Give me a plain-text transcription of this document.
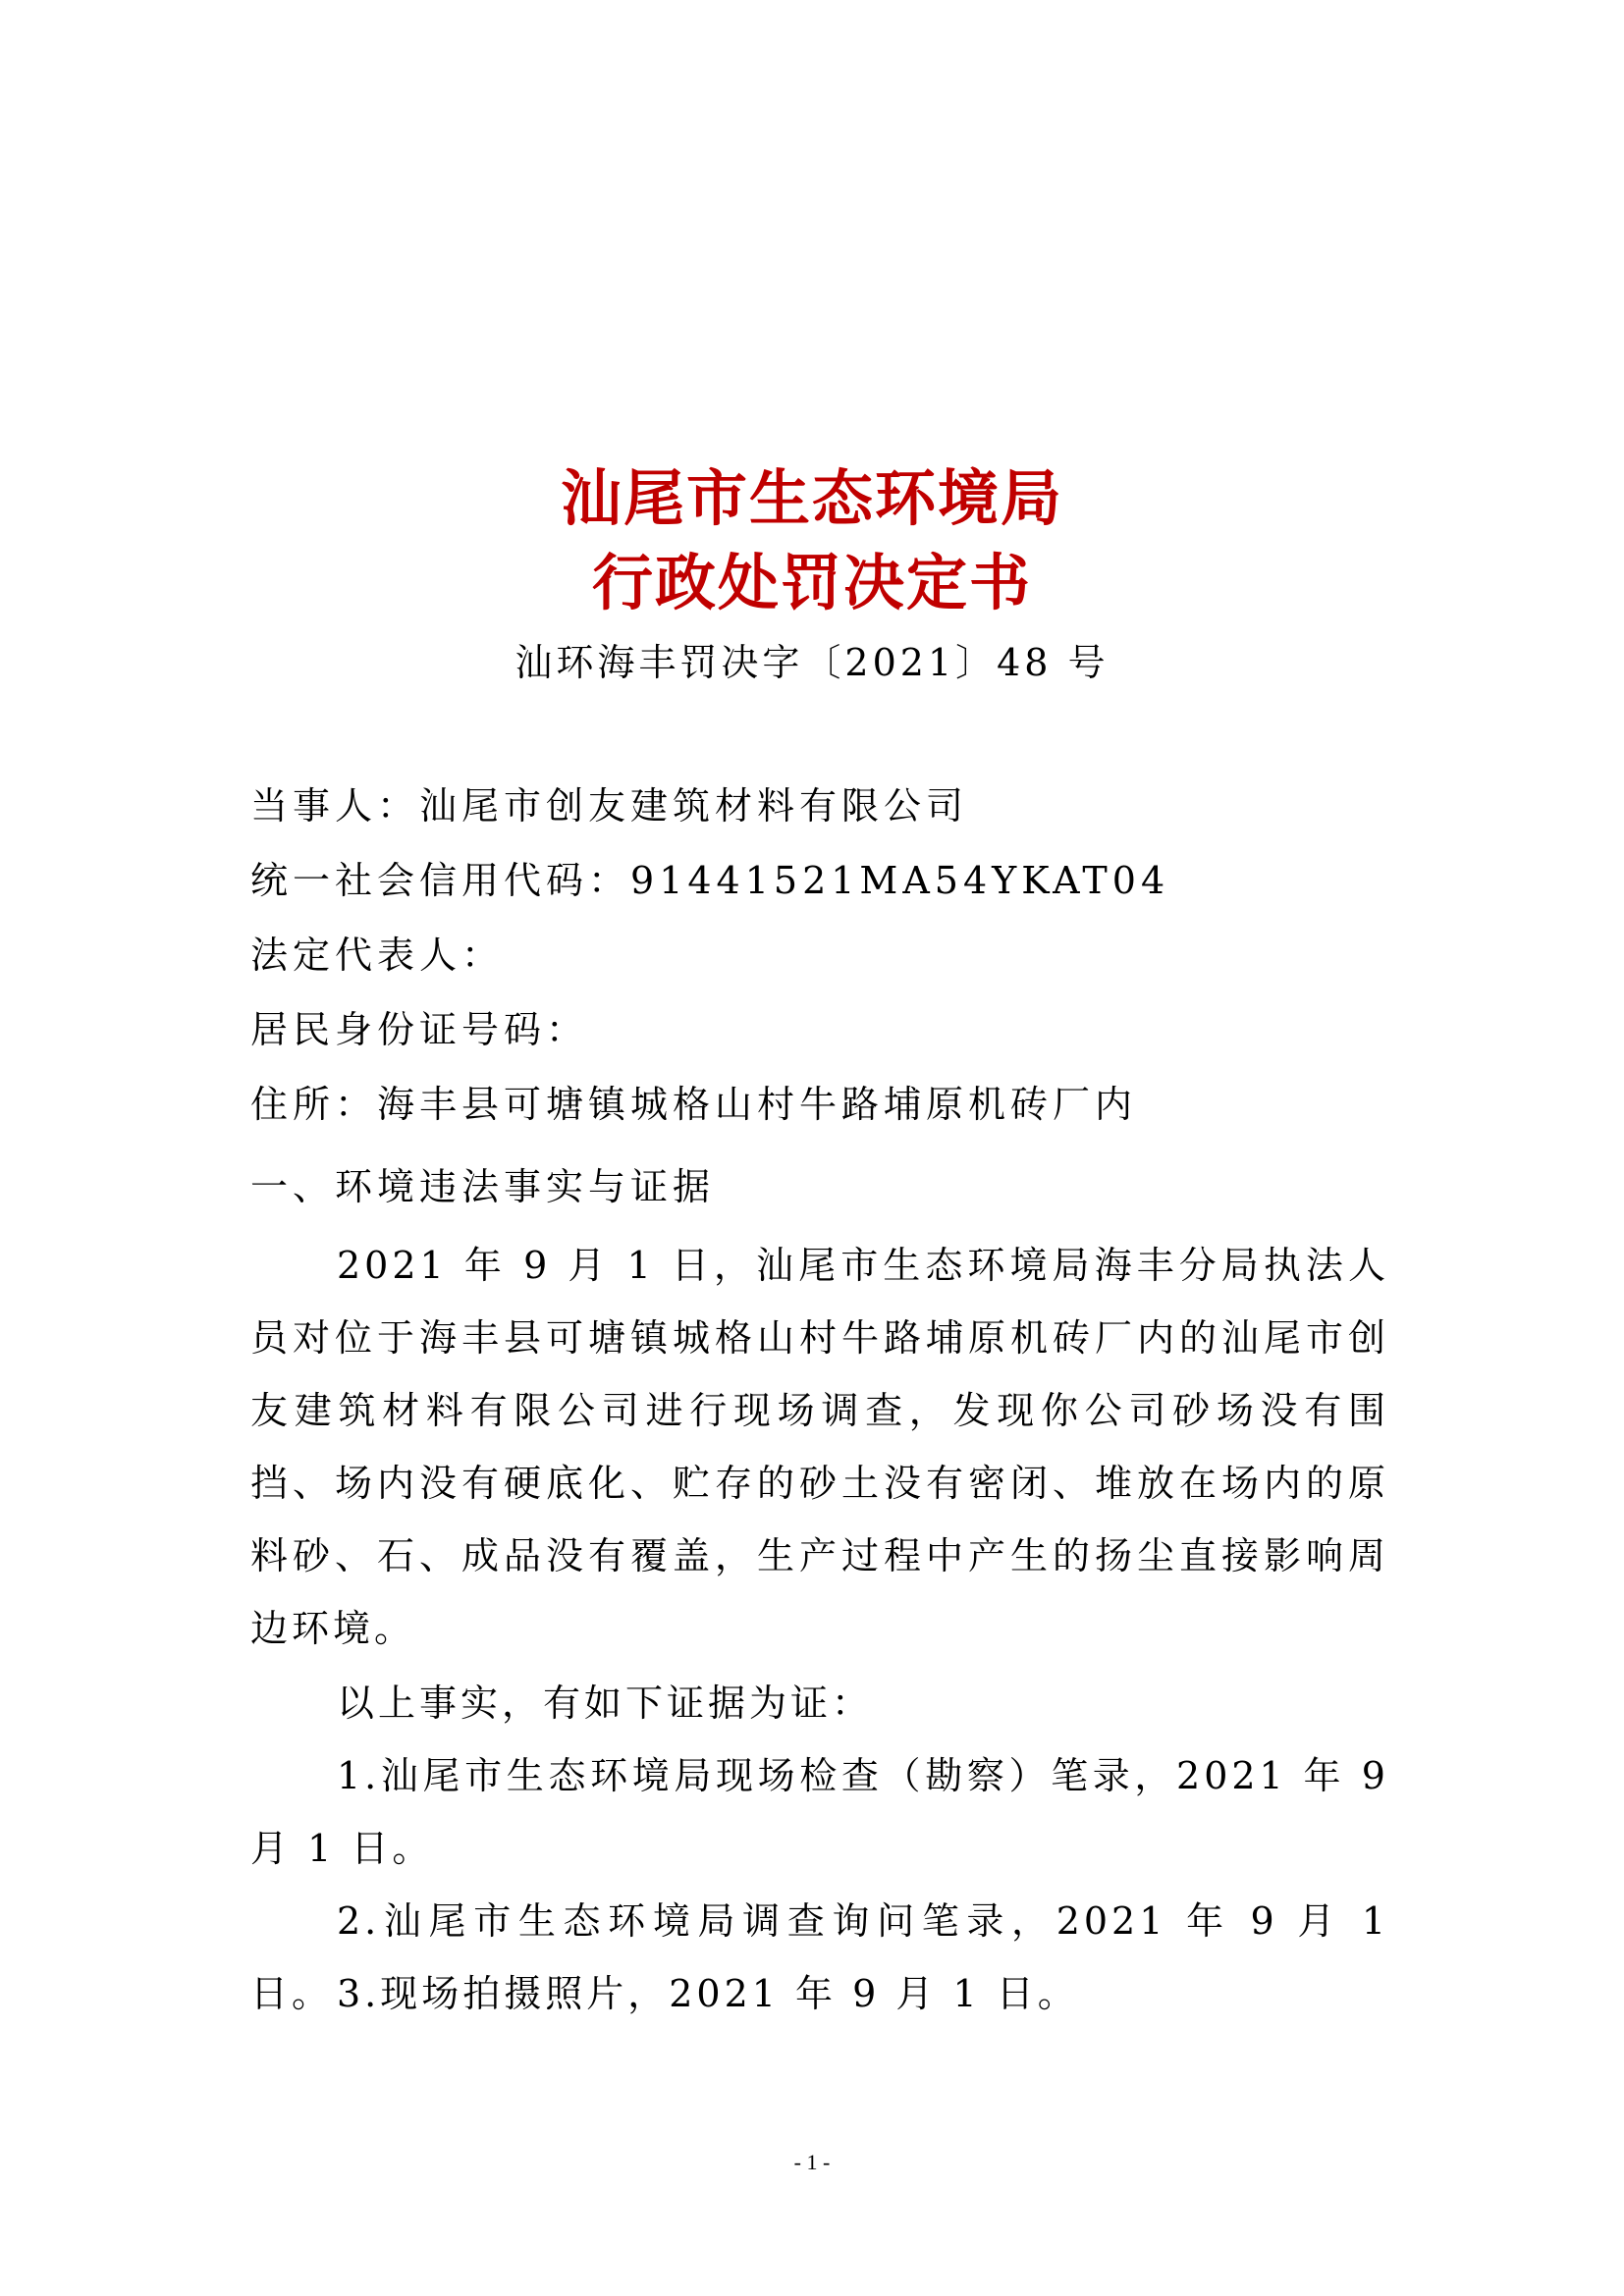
汕尾市生态环境局
行政处罚决定书
汕环海丰罚决字〔2021〕48 号
当事人：汕尾市创友建筑材料有限公司
统一社会信用代码：91441521MA54YKAT04
法定代表人：
居民身份证号码：
住所：海丰县可塘镇城格山村牛路埔原机砖厂内
一、环境违法事实与证据
2021 年 9 月 1 日，汕尾市生态环境局海丰分局执法人员对位于海丰县可塘镇城格山村牛路埔原机砖厂内的汕尾市创友建筑材料有限公司进行现场调查，发现你公司砂场没有围挡、场内没有硬底化、贮存的砂土没有密闭、堆放在场内的原料砂、石、成品没有覆盖，生产过程中产生的扬尘直接影响周边环境。
以上事实，有如下证据为证：
1.汕尾市生态环境局现场检查（勘察）笔录，2021 年 9 月 1 日。
2.汕尾市生态环境局调查询问笔录，2021 年 9 月 1 日。 3.现场拍摄照片，2021 年 9 月 1 日。
- 1 -
